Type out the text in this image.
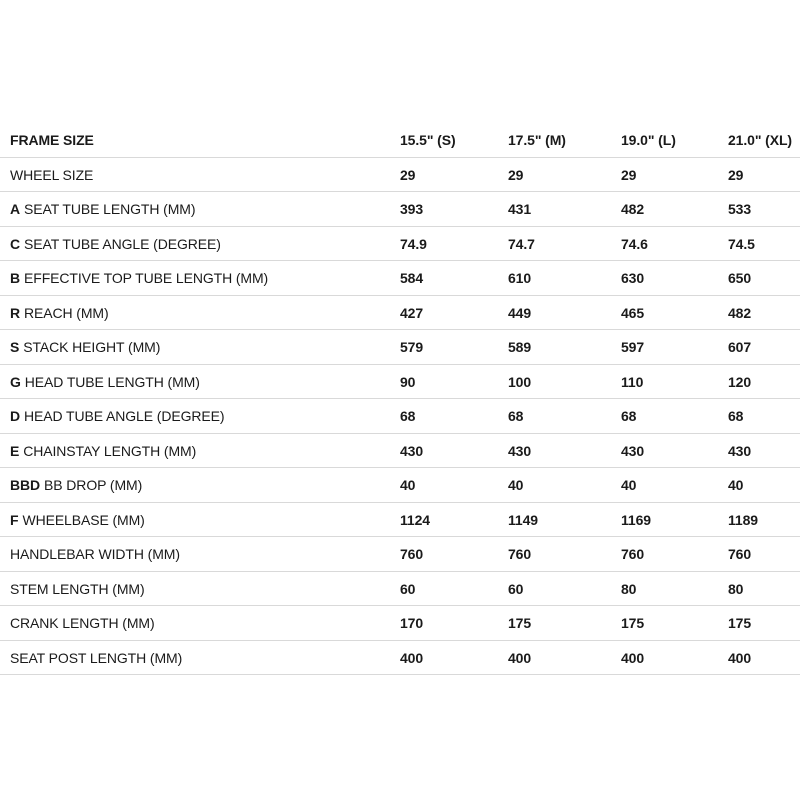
FRAME SIZE	15.5" (S)	17.5" (M)	19.0" (L)	21.0" (XL)
WHEEL SIZE	29	29	29	29
A SEAT TUBE LENGTH (MM)	393	431	482	533
C SEAT TUBE ANGLE (DEGREE)	74.9	74.7	74.6	74.5
B EFFECTIVE TOP TUBE LENGTH (MM)	584	610	630	650
R REACH (MM)	427	449	465	482
S STACK HEIGHT (MM)	579	589	597	607
G HEAD TUBE LENGTH (MM)	90	100	110	120
D HEAD TUBE ANGLE (DEGREE)	68	68	68	68
E CHAINSTAY LENGTH (MM)	430	430	430	430
BBD BB DROP (MM)	40	40	40	40
F WHEELBASE (MM)	1124	1149	1169	1189
HANDLEBAR WIDTH (MM)	760	760	760	760
STEM LENGTH (MM)	60	60	80	80
CRANK LENGTH (MM)	170	175	175	175
SEAT POST LENGTH (MM)	400	400	400	400
